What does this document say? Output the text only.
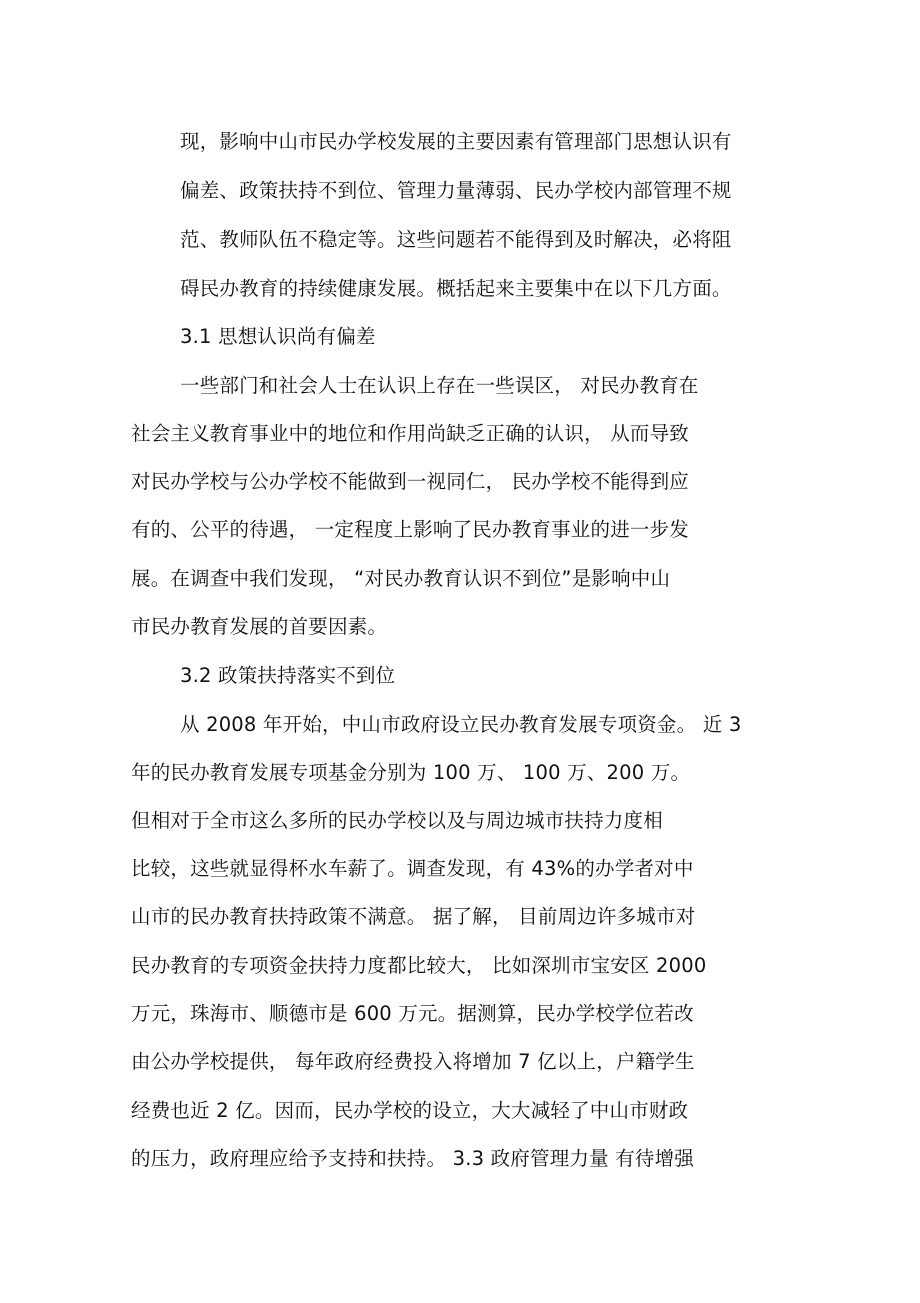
现，影响中山市民办学校发展的主要因素有管理部门思想认识有
偏差、政策扶持不到位、管理力量薄弱、民办学校内部管理不规
范、教师队伍不稳定等。这些问题若不能得到及时解决，必将阻
碍民办教育的持续健康发展。概括起来主要集中在以下几方面。
3.1 思想认识尚有偏差
一些部门和社会人士在认识上存在一些误区， 对民办教育在
社会主义教育事业中的地位和作用尚缺乏正确的认识， 从而导致
对民办学校与公办学校不能做到一视同仁， 民办学校不能得到应
有的、公平的待遇， 一定程度上影响了民办教育事业的进一步发
展。在调查中我们发现， “对民办教育认识不到位”是影响中山
市民办教育发展的首要因素。
3.2 政策扶持落实不到位
从 2008 年开始，中山市政府设立民办教育发展专项资金。 近 3
年的民办教育发展专项基金分别为 100 万、 100 万、200 万。
但相对于全市这么多所的民办学校以及与周边城市扶持力度相
比较，这些就显得杯水车薪了。调查发现，有 43%的办学者对中
山市的民办教育扶持政策不满意。 据了解， 目前周边许多城市对
民办教育的专项资金扶持力度都比较大， 比如深圳市宝安区 2000
万元，珠海市、顺德市是 600 万元。据测算，民办学校学位若改
由公办学校提供， 每年政府经费投入将增加 7 亿以上，户籍学生
经费也近 2 亿。因而，民办学校的设立，大大减轻了中山市财政
的压力，政府理应给予支持和扶持。 3.3 政府管理力量 有待增强
